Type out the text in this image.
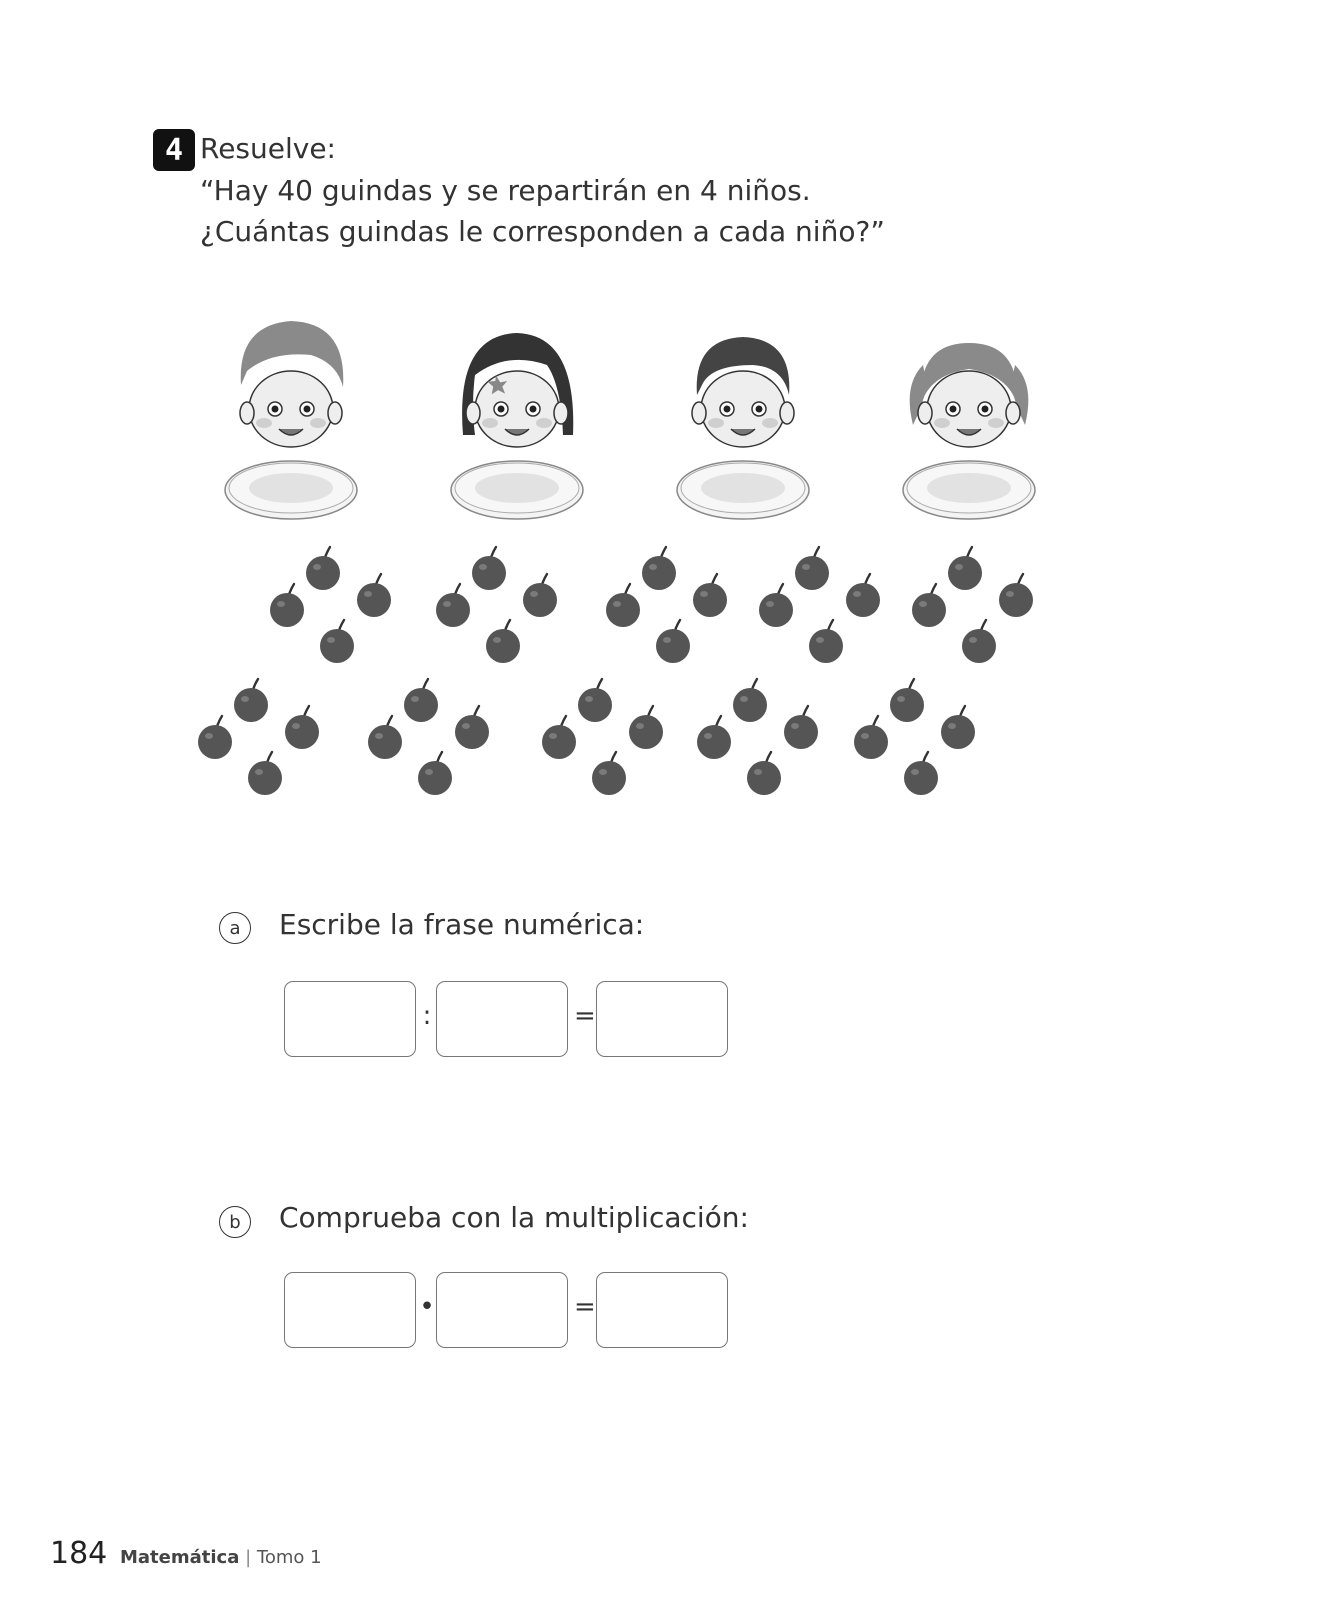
4 Resuelve:
“Hay 40 guindas y se repartirán en 4 niños.
¿Cuántas guindas le corresponden a cada niño?”
a	Escribe la frase numérica:
:	=
b	Comprueba con la multiplicación:
•	=
184 Matemática | Tomo 1
